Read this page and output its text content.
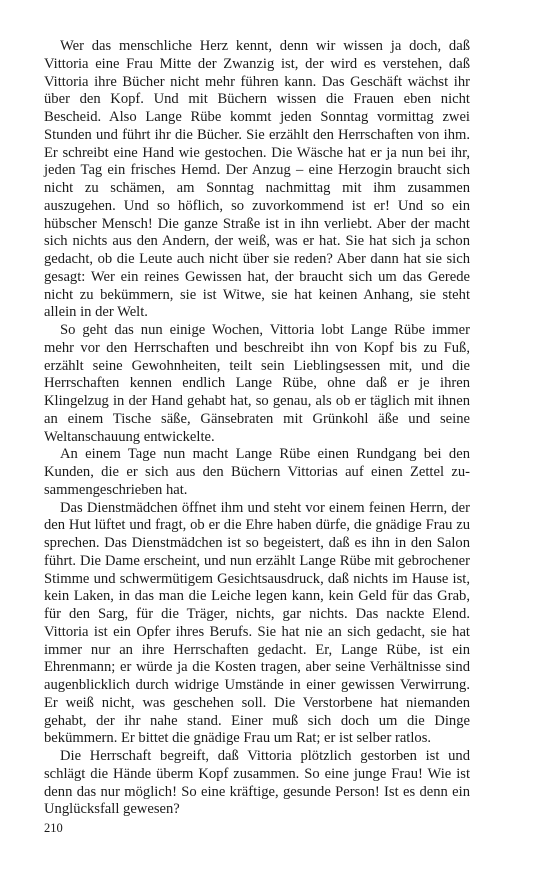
Wer das menschliche Herz kennt, denn wir wissen ja doch, daß Vittoria eine Frau Mitte der Zwanzig ist, der wird es verstehen, daß Vittoria ihre Bücher nicht mehr führen kann. Das Geschäft wächst ihr über den Kopf. Und mit Büchern wissen die Frauen eben nicht Bescheid. Also Lange Rübe kommt jeden Sonntag vormittag zwei Stunden und führt ihr die Bücher. Sie erzählt den Herrschaften von ihm. Er schreibt eine Hand wie gestochen. Die Wäsche hat er ja nun bei ihr, jeden Tag ein frisches Hemd. Der Anzug – eine Herzogin braucht sich nicht zu schämen, am Sonntag nachmittag mit ihm zusammen auszugehen. Und so höflich, so zuvorkommend ist er! Und so ein hübscher Mensch! Die ganze Straße ist in ihn verliebt. Aber der macht sich nichts aus den Andern, der weiß, was er hat. Sie hat sich ja schon gedacht, ob die Leute auch nicht über sie reden? Aber dann hat sie sich gesagt: Wer ein reines Gewissen hat, der braucht sich um das Gerede nicht zu bekümmern, sie ist Witwe, sie hat keinen Anhang, sie steht allein in der Welt.

So geht das nun einige Wochen, Vittoria lobt Lange Rübe immer mehr vor den Herrschaften und beschreibt ihn von Kopf bis zu Fuß, erzählt seine Gewohnheiten, teilt sein Lieblingsessen mit, und die Herrschaften kennen endlich Lange Rübe, ohne daß er je ihren Klingelzug in der Hand gehabt hat, so genau, als ob er täglich mit ihnen an einem Tische säße, Gänsebraten mit Grünkohl äße und seine Weltanschauung entwickelte.

An einem Tage nun macht Lange Rübe einen Rundgang bei den Kunden, die er sich aus den Büchern Vittorias auf einen Zettel zusammengeschrieben hat.

Das Dienstmädchen öffnet ihm und steht vor einem feinen Herrn, der den Hut lüftet und fragt, ob er die Ehre haben dürfe, die gnädige Frau zu sprechen. Das Dienstmädchen ist so begeistert, daß es ihn in den Salon führt. Die Dame erscheint, und nun erzählt Lange Rübe mit gebrochener Stimme und schwermütigem Gesichtsausdruck, daß nichts im Hause ist, kein Laken, in das man die Leiche legen kann, kein Geld für das Grab, für den Sarg, für die Träger, nichts, gar nichts. Das nackte Elend. Vittoria ist ein Opfer ihres Berufs. Sie hat nie an sich gedacht, sie hat immer nur an ihre Herrschaften gedacht. Er, Lange Rübe, ist ein Ehrenmann; er würde ja die Kosten tragen, aber seine Verhältnisse sind augenblicklich durch widrige Umstände in einer gewissen Verwirrung. Er weiß nicht, was geschehen soll. Die Verstorbene hat niemanden gehabt, der ihr nahe stand. Einer muß sich doch um die Dinge bekümmern. Er bittet die gnädige Frau um Rat; er ist selber ratlos.

Die Herrschaft begreift, daß Vittoria plötzlich gestorben ist und schlägt die Hände überm Kopf zusammen. So eine junge Frau! Wie ist denn das nur möglich! So eine kräftige, gesunde Person! Ist es denn ein Unglücksfall gewesen?

210
